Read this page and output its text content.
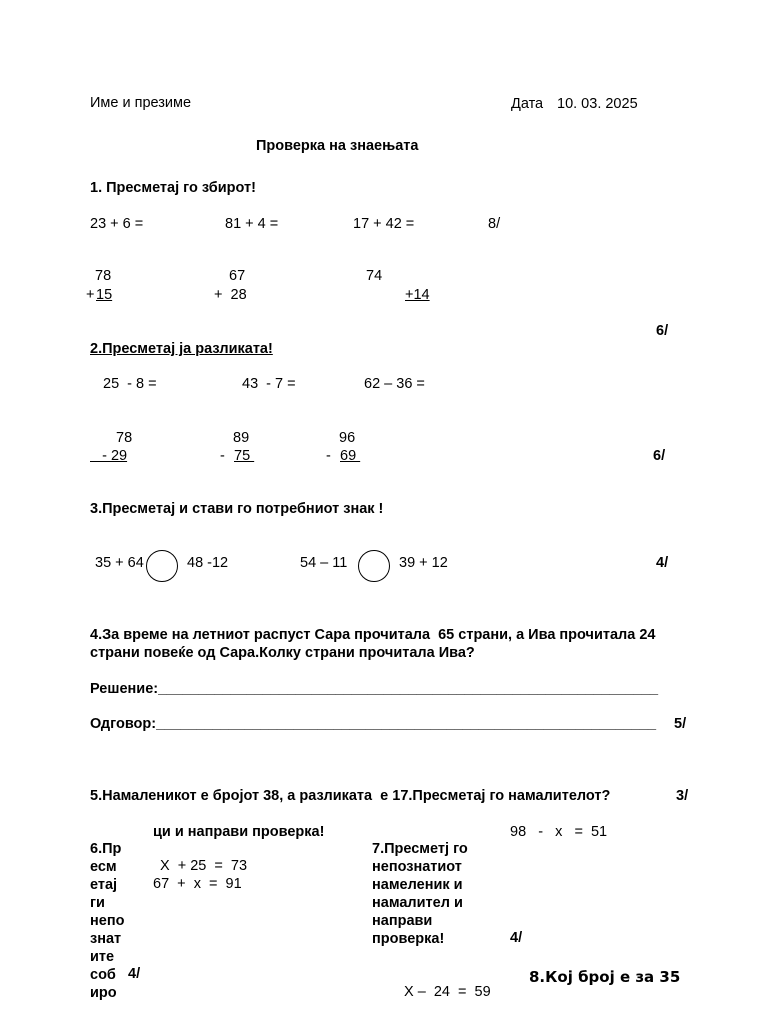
Име и презиме	Дата 10. 03. 2025
Проверка на знаењата
1. Пресметај го збирот!
23 + 6 =	81 + 4 =	17 + 42 =	8/
78
+ 15
67
+  28
74
+14
6/
2.Пресметај ја разликата!
25  - 8 =	43  - 7 =	62 – 36 =
78
- 29
89
- 75
96
- 69	6/
3.Пресметај и стави го потребниот знак !
35 + 64	48 -12	54 – 11	39 + 12	4/
4.За време на летниот распуст Сара прочитала  65 страни, а Ива прочитала 24
страни повеќе од Сара.Колку страни прочитала Ива?
Решение:______________________________________________________________
Одговор:______________________________________________________________ 5/
5.Намаленикот е бројот 38, а разликата  е 17.Пресметај го намалителот?	3/
ци и направи проверка!
6.Пр
есм
етај
ги
непо
знат
ите
соб
иро
4/
X  + 25  =  73
67  +  x  =  91
98   -   x   =  51
7.Пресметј го
непознатиот
намеленик и
намалител и
направи
проверка!	4/
X –  24  =  59
8.Кој број е за 35
